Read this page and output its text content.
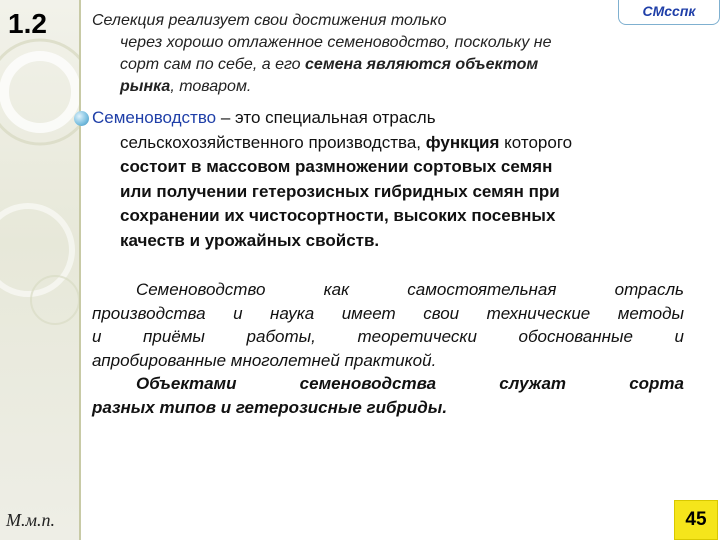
1.2
М.м.п.
СМсспк
Селекция реализует свои достижения только
через хорошо отлаженное семеноводство, поскольку не
сорт сам по себе, а его семена являются объектом
рынка, товаром.
Семеноводство – это специальная отрасль
сельскохозяйственного производства, функция которого
состоит в массовом размножении сортовых семян
или получении гетерозисных гибридных семян при
сохранении их чистосортности, высоких посевных
качеств и урожайных свойств.
Семеноводство как самостоятельная отрасль
производства и наука имеет свои технические методы
и приёмы работы, теоретически обоснованные и
апробированные многолетней практикой.
Объектами семеноводства служат сорта
разных типов и гетерозисные гибриды.
45
